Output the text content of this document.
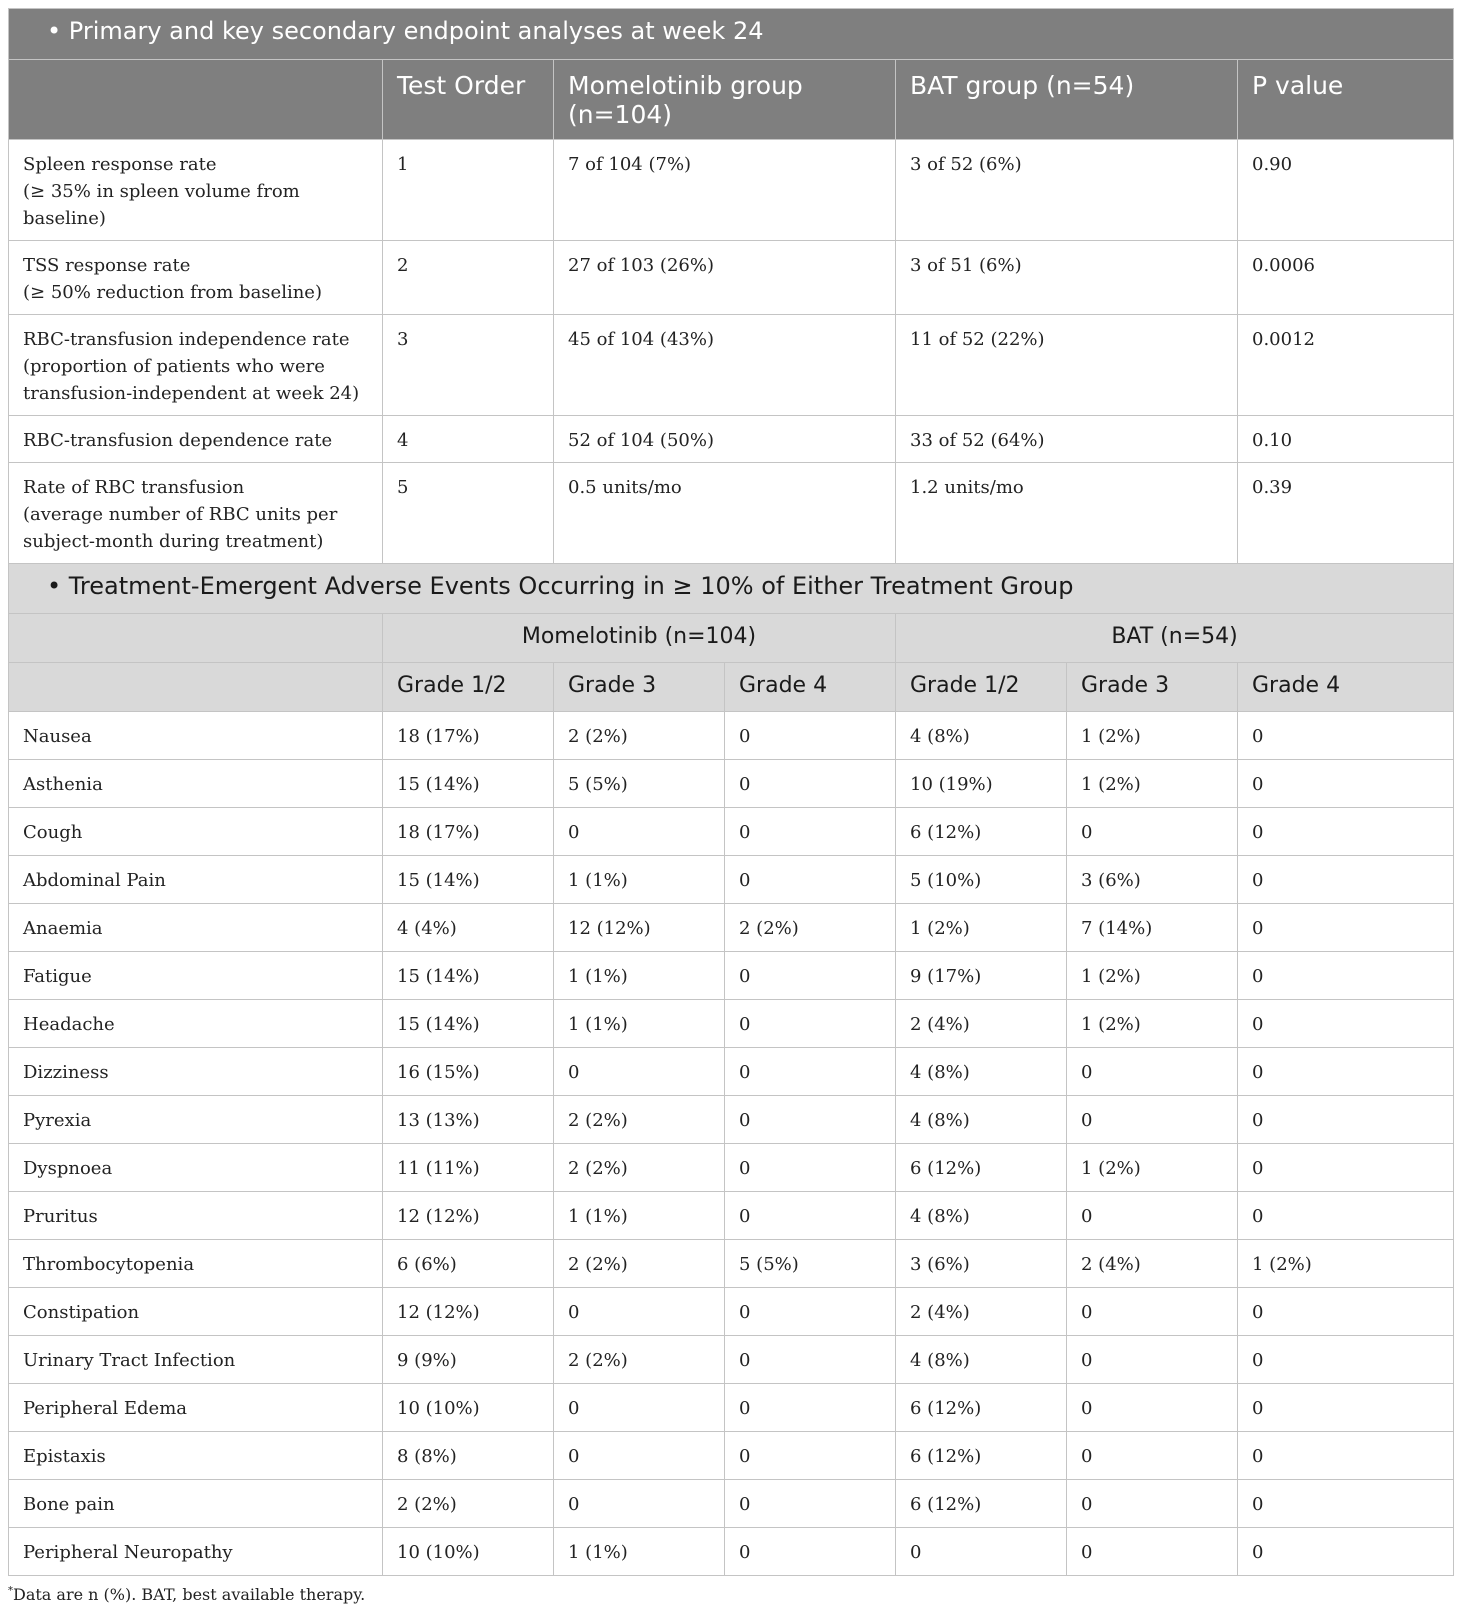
• Primary and key secondary endpoint analyses at week 24						
	Test Order	Momelotinib group (n=104)		BAT group (n=54)		P value

Spleen response rate
(≥ 35% in spleen volume from baseline)	1	7 of 104 (7%)		3 of 52 (6%)		0.90

TSS response rate
(≥ 50% reduction from baseline)	2	27 of 103 (26%)		3 of 51 (6%)		0.0006

RBC-transfusion independence rate
(proportion of patients who were
transfusion-independent at week 24)	3	45 of 104 (43%)		11 of 52 (22%)		0.0012

RBC-transfusion dependence rate	4	52 of 104 (50%)		33 of 52 (64%)		0.10

Rate of RBC transfusion
(average number of RBC units per
subject-month during treatment)	5	0.5 units/mo		1.2 units/mo		0.39
• Treatment-Emergent Adverse Events Occurring in ≥ 10% of Either Treatment Group						
	Momelotinib (n=104)			BAT (n=54)		
	Grade 1/2	Grade 3	Grade 4	Grade 1/2	Grade 3	Grade 4
Nausea	18 (17%)	2 (2%)	0	4 (8%)	1 (2%)	0
Asthenia	15 (14%)	5 (5%)	0	10 (19%)	1 (2%)	0
Cough	18 (17%)	0	0	6 (12%)	0	0
Abdominal Pain	15 (14%)	1 (1%)	0	5 (10%)	3 (6%)	0
Anaemia	4 (4%)	12 (12%)	2 (2%)	1 (2%)	7 (14%)	0
Fatigue	15 (14%)	1 (1%)	0	9 (17%)	1 (2%)	0
Headache	15 (14%)	1 (1%)	0	2 (4%)	1 (2%)	0
Dizziness	16 (15%)	0	0	4 (8%)	0	0
Pyrexia	13 (13%)	2 (2%)	0	4 (8%)	0	0
Dyspnoea	11 (11%)	2 (2%)	0	6 (12%)	1 (2%)	0
Pruritus	12 (12%)	1 (1%)	0	4 (8%)	0	0
Thrombocytopenia	6 (6%)	2 (2%)	5 (5%)	3 (6%)	2 (4%)	1 (2%)
Constipation	12 (12%)	0	0	2 (4%)	0	0
Urinary Tract Infection	9 (9%)	2 (2%)	0	4 (8%)	0	0
Peripheral Edema	10 (10%)	0	0	6 (12%)	0	0
Epistaxis	8 (8%)	0	0	6 (12%)	0	0
Bone pain	2 (2%)	0	0	6 (12%)	0	0
Peripheral Neuropathy	10 (10%)	1 (1%)	0	0	0	0
*Data are n (%). BAT, best available therapy.
